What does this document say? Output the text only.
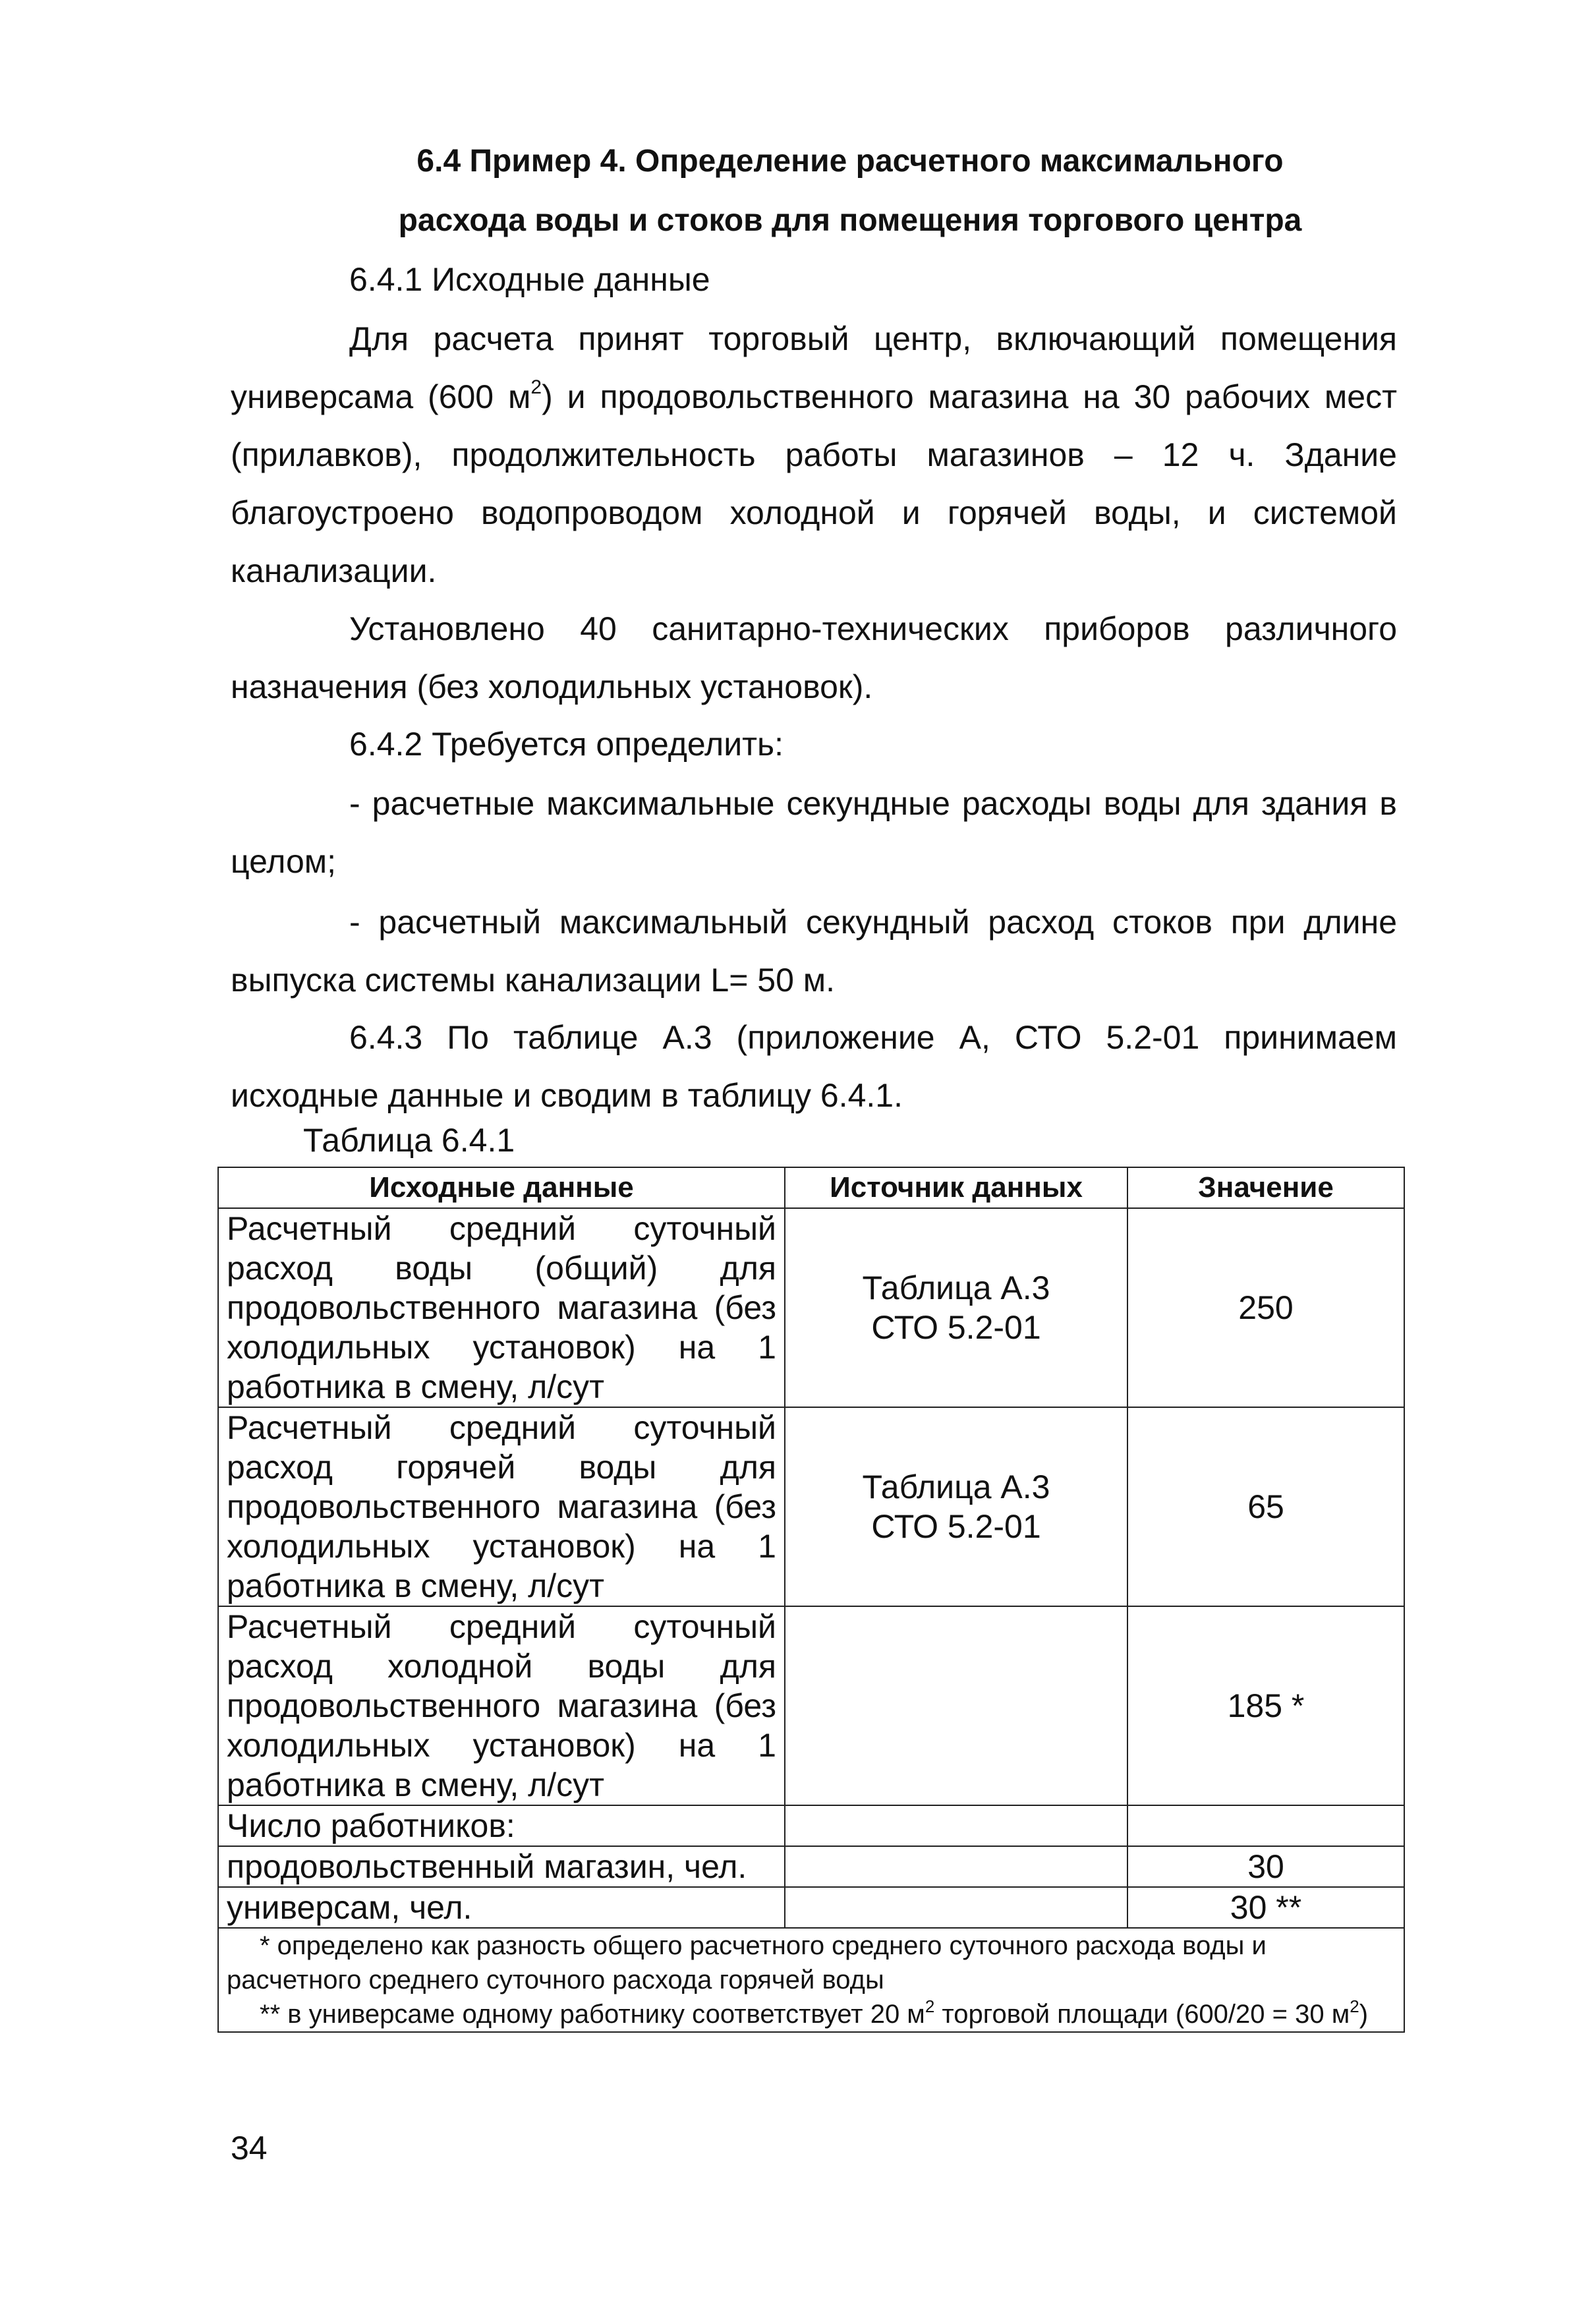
6.4 Пример 4. Определение расчетного максимального

расхода воды и стоков для помещения торгового центра

6.4.1 Исходные данные

Для расчета принят торговый центр, включающий помещения универсама (600 $м^2$) и продовольственного магазина на 30 рабочих мест (прилавков), продолжительность работы магазинов – 12 ч. Здание благоустроено водопроводом холодной и горячей воды, и системой канализации.

Установлено 40 санитарно-технических приборов различного назначения (без холодильных установок).

6.4.2 Требуется определить:

- расчетные максимальные секундные расходы воды для здания в целом;

- расчетный максимальный секундный расход стоков при длине выпуска системы канализации L= 50 м.

6.4.3 По таблице А.3 (приложение А, СТО 5.2-01 принимаем исходные данные и сводим в таблицу 6.4.1.

Таблица 6.4.1

Исходные данные	Источник данных	Значение
Расчетный средний суточный расход воды (общий) для продовольственного магазина (без холодильных установок) на 1 работника в смену, л/сут	Таблица А.3
СТО 5.2-01	250
Расчетный средний суточный расход горячей воды для продовольственного магазина (без холодильных установок) на 1 работника в смену, л/сут	Таблица А.3
СТО 5.2-01	65
Расчетный средний суточный расход холодной воды для продовольственного магазина (без холодильных установок) на 1 работника в смену, л/сут		185 *
Число работников:		
продовольственный магазин, чел.		30
универсам, чел.		30 **

* определено как разность общего расчетного среднего суточного расхода воды и расчетного среднего суточного расхода горячей воды
** в универсаме одному работнику соответствует 20 $м^2$ торговой площади (600/20 = 30 $м^2$)		

34
